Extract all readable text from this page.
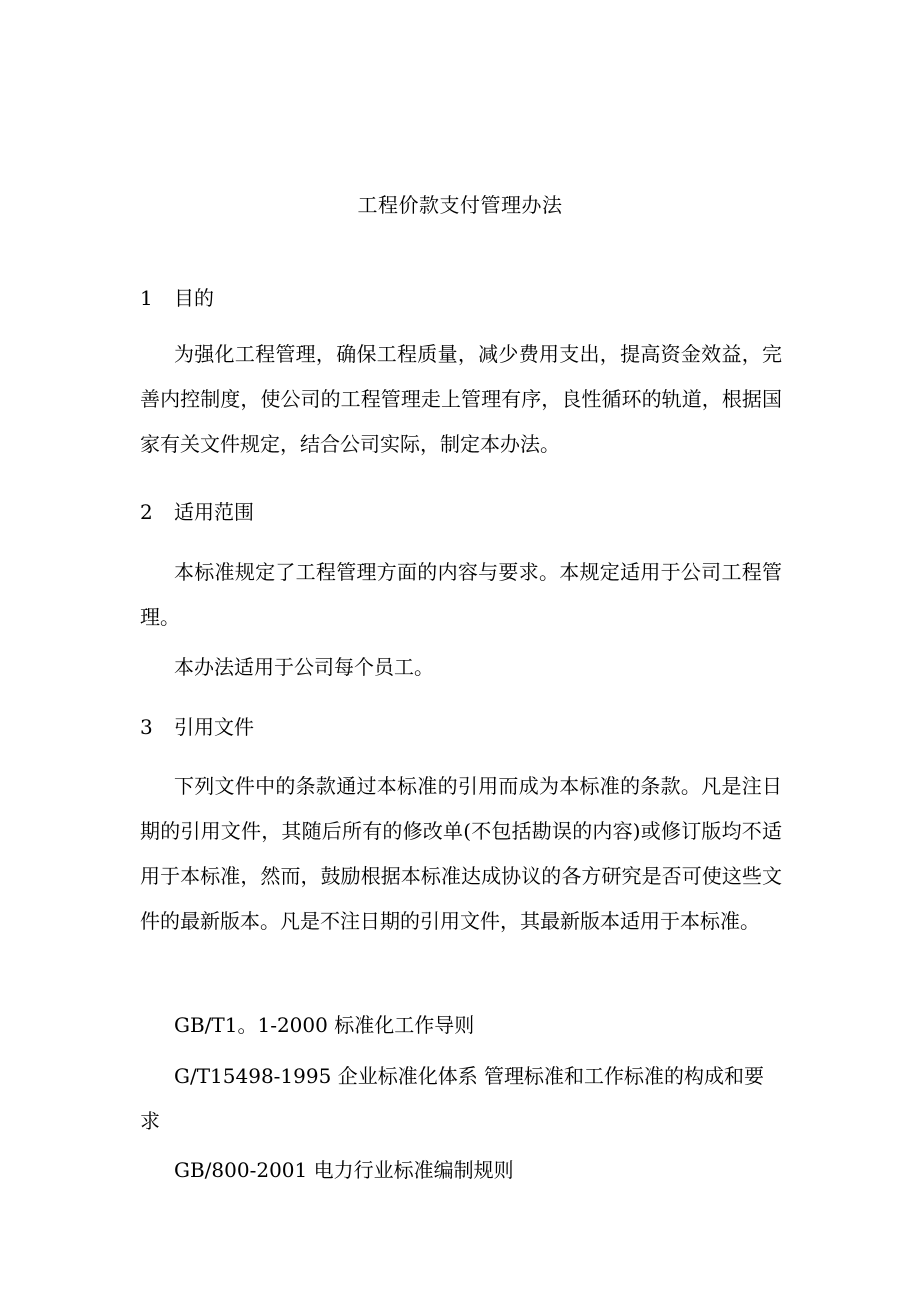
工程价款支付管理办法
1 目的
为强化工程管理，确保工程质量，减少费用支出，提高资金效益，完善内控制度，使公司的工程管理走上管理有序，良性循环的轨道，根据国家有关文件规定，结合公司实际，制定本办法。
2 适用范围
本标准规定了工程管理方面的内容与要求。本规定适用于公司工程管理。
本办法适用于公司每个员工。
3 引用文件
下列文件中的条款通过本标准的引用而成为本标准的条款。凡是注日期的引用文件，其随后所有的修改单(不包括勘误的内容)或修订版均不适用于本标准，然而，鼓励根据本标准达成协议的各方研究是否可使这些文件的最新版本。凡是不注日期的引用文件，其最新版本适用于本标准。
GB/T1。1-2000 标准化工作导则
G/T15498-1995 企业标准化体系 管理标准和工作标准的构成和要求
GB/800-2001 电力行业标准编制规则
